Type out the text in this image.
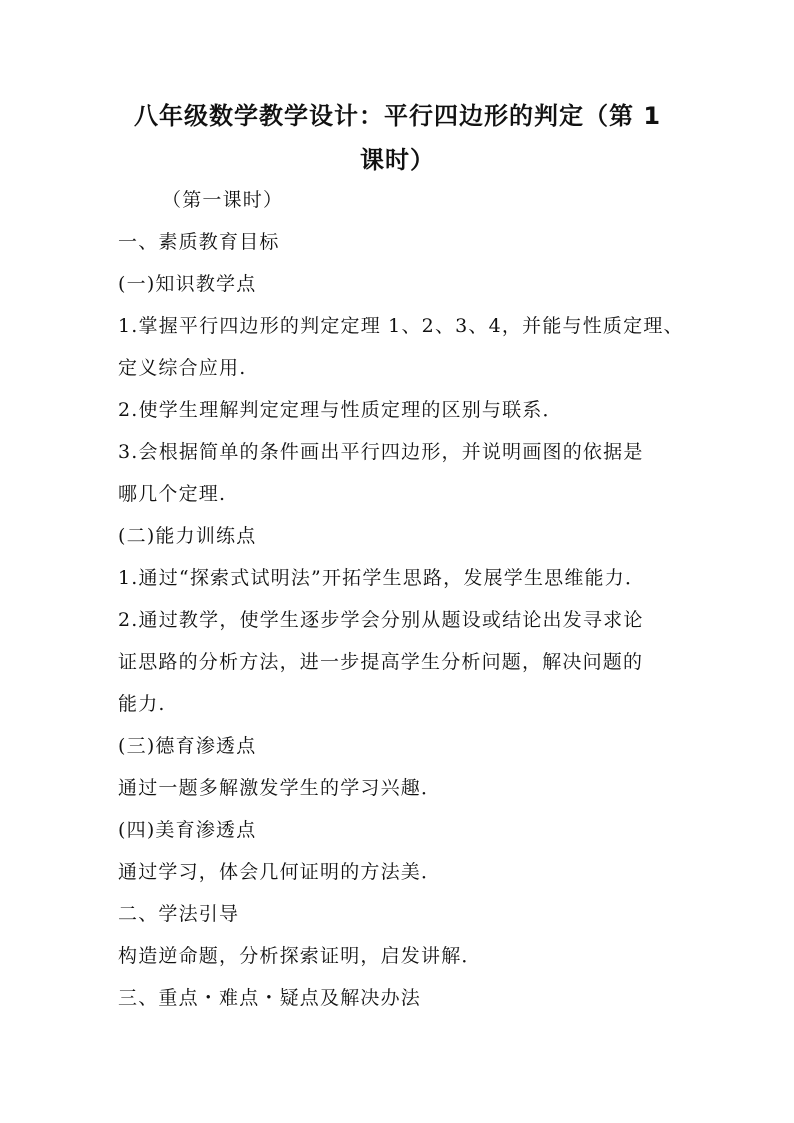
八年级数学教学设计：平行四边形的判定（第 1
课时）
（第一课时）
一、素质教育目标
(一)知识教学点
1.掌握平行四边形的判定定理 1、2、3、4，并能与性质定理、
定义综合应用.
2.使学生理解判定定理与性质定理的区别与联系．
3.会根据简单的条件画出平行四边形，并说明画图的依据是
哪几个定理.
(二)能力训练点
1.通过“探索式试明法”开拓学生思路，发展学生思维能力．
2.通过教学，使学生逐步学会分别从题设或结论出发寻求论
证思路的分析方法，进一步提高学生分析问题，解决问题的
能力.
(三)德育渗透点
通过一题多解激发学生的学习兴趣．
(四)美育渗透点
通过学习，体会几何证明的方法美．
二、学法引导
构造逆命题，分析探索证明，启发讲解．
三、重点・难点・疑点及解决办法
